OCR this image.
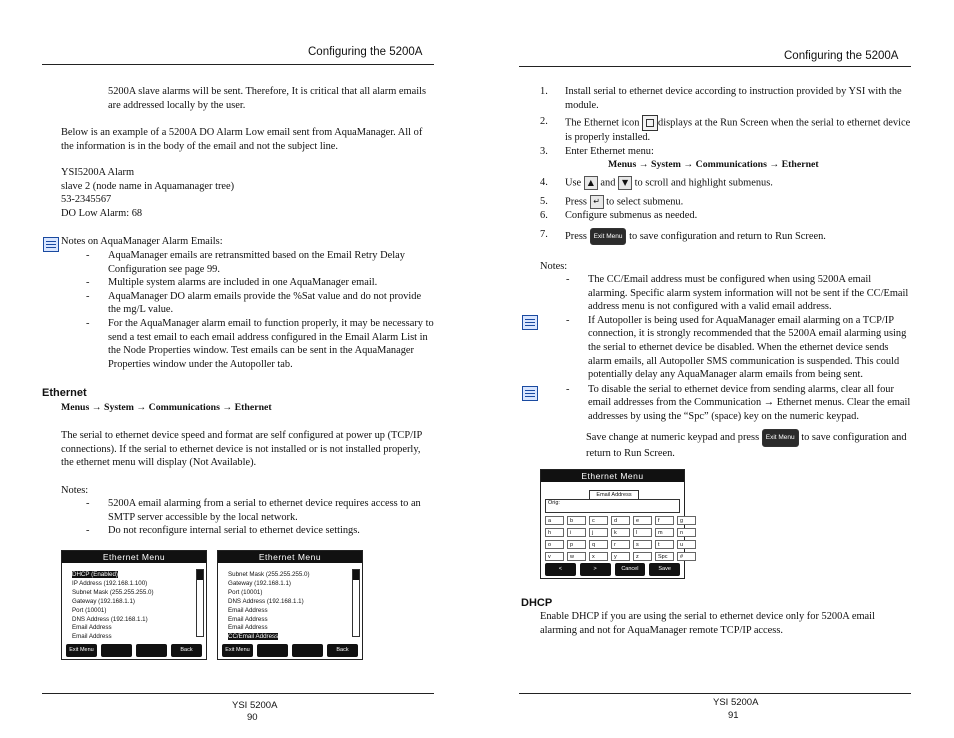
Configuring the 5200A
5200A slave alarms will be sent. Therefore, It is critical that all alarm emails are addressed locally by the user.
Below is an example of a 5200A DO Alarm Low email sent from AquaManager. All of the information is in the body of the email and not the subject line.
YSI5200A Alarm
slave 2 (node name in Aquamanager tree)
53-2345567
DO Low Alarm: 68
Notes on AquaManager Alarm Emails:
- AquaManager emails are retransmitted based on the Email Retry Delay Configuration see page 99.
- Multiple system alarms are included in one AquaManager email.
- AquaManager DO alarm emails provide the %Sat value and do not provide the mg/L value.
- For the AquaManager alarm email to function properly, it may be necessary to send a test email to each email address configured in the Email Alarm List in the Node Properties window. Test emails can be sent in the AquaManager Properties window under the Autopoller tab.
Ethernet
Menus → System → Communications → Ethernet
The serial to ethernet device speed and format are self configured at power up (TCP/IP connections). If the serial to ethernet device is not installed or is not installed properly, the ethernet menu will display (Not Available).
Notes:
- 5200A email alarming from a serial to ethernet device requires access to an SMTP server accessible by the local network.
- Do not reconfigure internal serial to ethernet device settings.
Ethernet Menu
DHCP (Enabled)
IP Address (192.168.1.100)
Subnet Mask (255.255.255.0)
Gateway (192.168.1.1)
Port (10001)
DNS Address (192.168.1.1)
Email Address
Email Address
Exit Menu	Back
Ethernet Menu
Subnet Mask (255.255.255.0)
Gateway (192.168.1.1)
Port (10001)
DNS Address (192.168.1.1)
Email Address
Email Address
Email Address
CC/Email Address
Exit Menu	Back
YSI 5200A
90
Configuring the 5200A
1. Install serial to ethernet device according to instruction provided by YSI with the module.
2. The Ethernet icon displays at the Run Screen when the serial to ethernet device is properly installed.
3. Enter Ethernet menu:
Menus → System → Communications → Ethernet
4. Use ▲ and ▼ to scroll and highlight submenus.
5. Press ↵ to select submenu.
6. Configure submenus as needed.
7. Press Exit Menu to save configuration and return to Run Screen.
Notes:
- The CC/Email address must be configured when using 5200A email alarming. Specific alarm system information will not be sent if the CC/Email address menu is not configured with a valid email address.
- If Autopoller is being used for AquaManager email alarming on a TCP/IP connection, it is strongly recommended that the 5200A email alarming using the serial to ethernet device be disabled. When the ethernet device sends alarm emails, all Autopoller SMS communication is suspended. This could potentially delay any AquaManager alarm emails from being sent.
- To disable the serial to ethernet device from sending alarms, clear all four email addresses from the Communication → Ethernet menus. Clear the email addresses by using the “Spc” (space) key on the numeric keypad.
Save change at numeric keypad and press Exit Menu to save configuration and return to Run Screen.
Ethernet Menu
Email Address
Orig:
a	b	c	d	e	f	g
h	i	j	k	l	m	n
o	p	q	r	s	t	u
v	w	x	y	z	Spc	#
<	>	Cancel	Save
DHCP
Enable DHCP if you are using the serial to ethernet device only for 5200A email alarming and not for AquaManager remote TCP/IP access.
YSI 5200A
91
